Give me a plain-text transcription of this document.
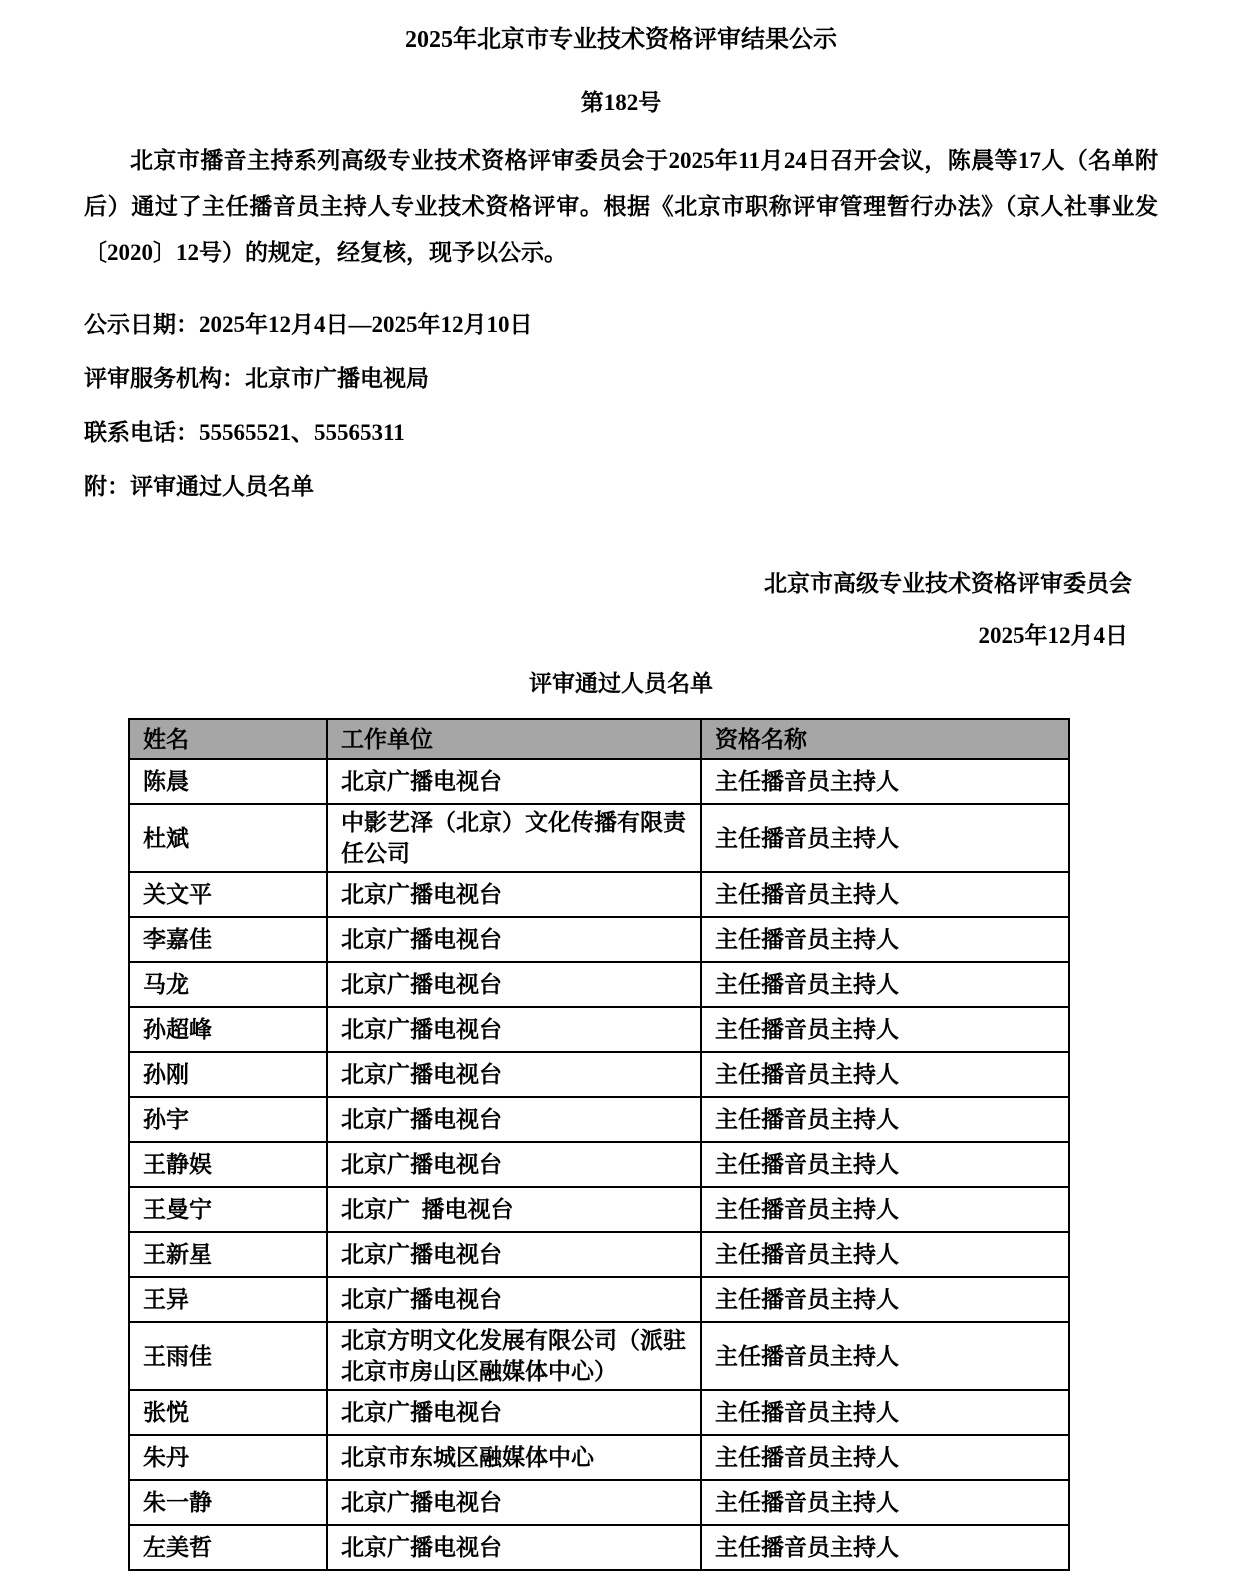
2025年北京市专业技术资格评审结果公示
第182号

北京市播音主持系列高级专业技术资格评审委员会于2025年11月24日召开会议，陈晨等17人（名单附后）通过了主任播音员主持人专业技术资格评审。根据《北京市职称评审管理暂行办法》（京人社事业发〔2020〕12号）的规定，经复核，现予以公示。

公示日期：2025年12月4日—2025年12月10日
评审服务机构：北京市广播电视局
联系电话：55565521、55565311
附：评审通过人员名单
北京市高级专业技术资格评审委员会
2025年12月4日
评审通过人员名单
姓名	工作单位	资格名称
陈晨	北京广播电视台	主任播音员主持人
杜斌	中影艺泽（北京）文化传播有限责任公司	主任播音员主持人
关文平	北京广播电视台	主任播音员主持人
李嘉佳	北京广播电视台	主任播音员主持人
马龙	北京广播电视台	主任播音员主持人
孙超峰	北京广播电视台	主任播音员主持人
孙刚	北京广播电视台	主任播音员主持人
孙宇	北京广播电视台	主任播音员主持人
王静娱	北京广播电视台	主任播音员主持人
王曼宁	北京广 播电视台	主任播音员主持人
王新星	北京广播电视台	主任播音员主持人
王异	北京广播电视台	主任播音员主持人
王雨佳	北京方明文化发展有限公司（派驻北京市房山区融媒体中心）	主任播音员主持人
张悦	北京广播电视台	主任播音员主持人
朱丹	北京市东城区融媒体中心	主任播音员主持人
朱一静	北京广播电视台	主任播音员主持人
左美哲	北京广播电视台	主任播音员主持人
